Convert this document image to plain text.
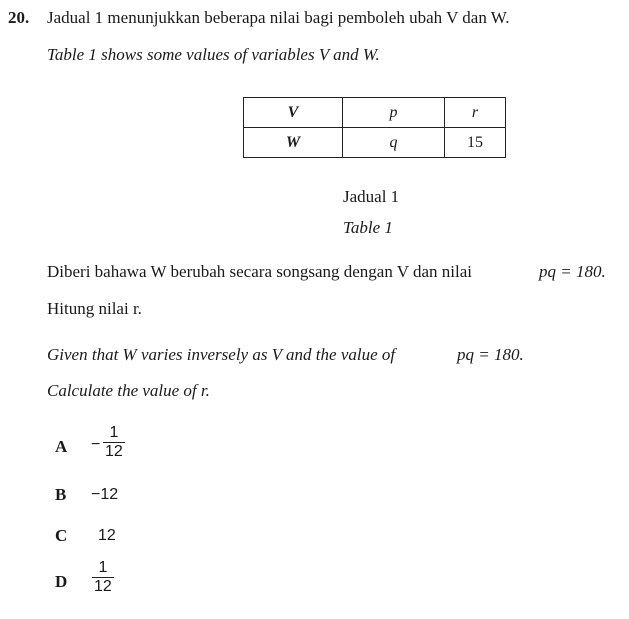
20. Jadual 1 menunjukkan beberapa nilai bagi pemboleh ubah V dan W.
Table 1 shows some values of variables V and W.
V	p	r
W	q	15
Jadual 1
Table 1
Diberi bahawa W berubah secara songsang dengan V dan nilai	pq = 180.
Hitung nilai r.
Given that W varies inversely as V and the value of	pq = 180.
Calculate the value of r.
A −
1
12
B −12
C 12
D
1
12
